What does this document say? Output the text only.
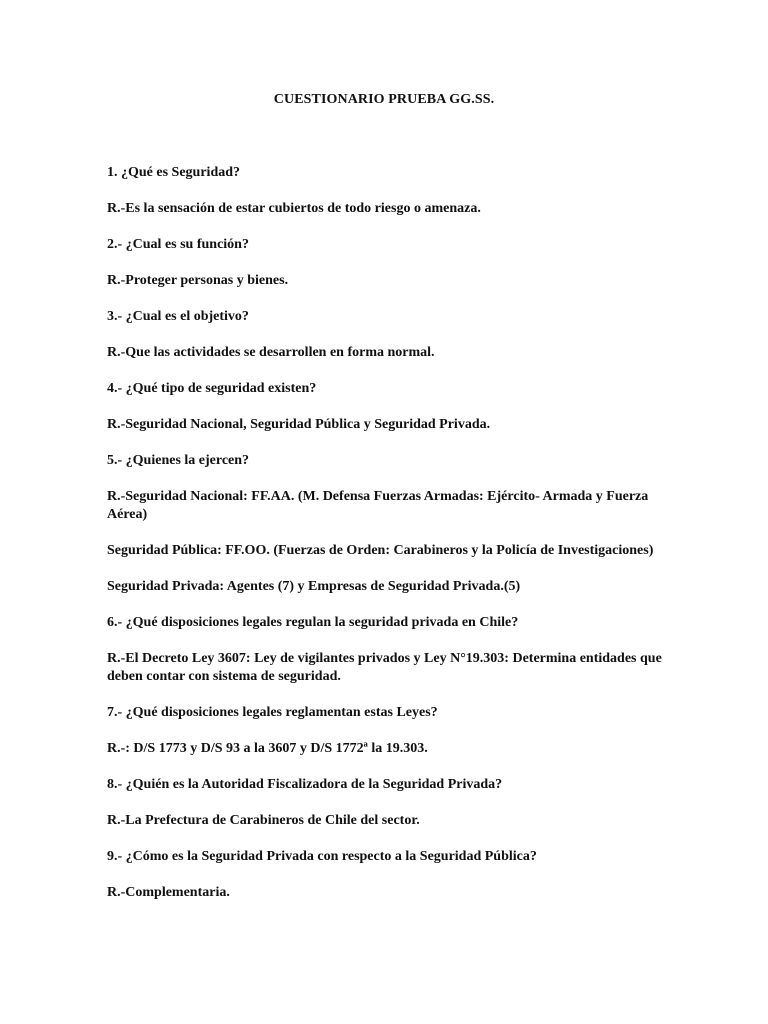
CUESTIONARIO PRUEBA GG.SS.

1. ¿Qué es Seguridad?

R.-Es la sensación de estar cubiertos de todo riesgo o amenaza.

2.- ¿Cual es su función?

R.-Proteger personas y bienes.

3.- ¿Cual es el objetivo?

R.-Que las actividades se desarrollen en forma normal.

4.- ¿Qué tipo de seguridad existen?

R.-Seguridad Nacional, Seguridad Pública y Seguridad Privada.

5.- ¿Quienes la ejercen?

R.-Seguridad Nacional: FF.AA. (M. Defensa Fuerzas Armadas: Ejército- Armada y Fuerza Aérea)

Seguridad Pública: FF.OO. (Fuerzas de Orden: Carabineros y la Policía de Investigaciones)

Seguridad Privada: Agentes (7) y Empresas de Seguridad Privada.(5)

6.- ¿Qué disposiciones legales regulan la seguridad privada en Chile?

R.-El Decreto Ley 3607: Ley de vigilantes privados y Ley N°19.303: Determina entidades que deben contar con sistema de seguridad.

7.- ¿Qué disposiciones legales reglamentan estas Leyes?

R.-: D/S 1773 y D/S 93 a la 3607 y D/S 1772ª la 19.303.

8.- ¿Quién es la Autoridad Fiscalizadora de la Seguridad Privada?

R.-La Prefectura de Carabineros de Chile del sector.

9.- ¿Cómo es la Seguridad Privada con respecto a la Seguridad Pública?

R.-Complementaria.
